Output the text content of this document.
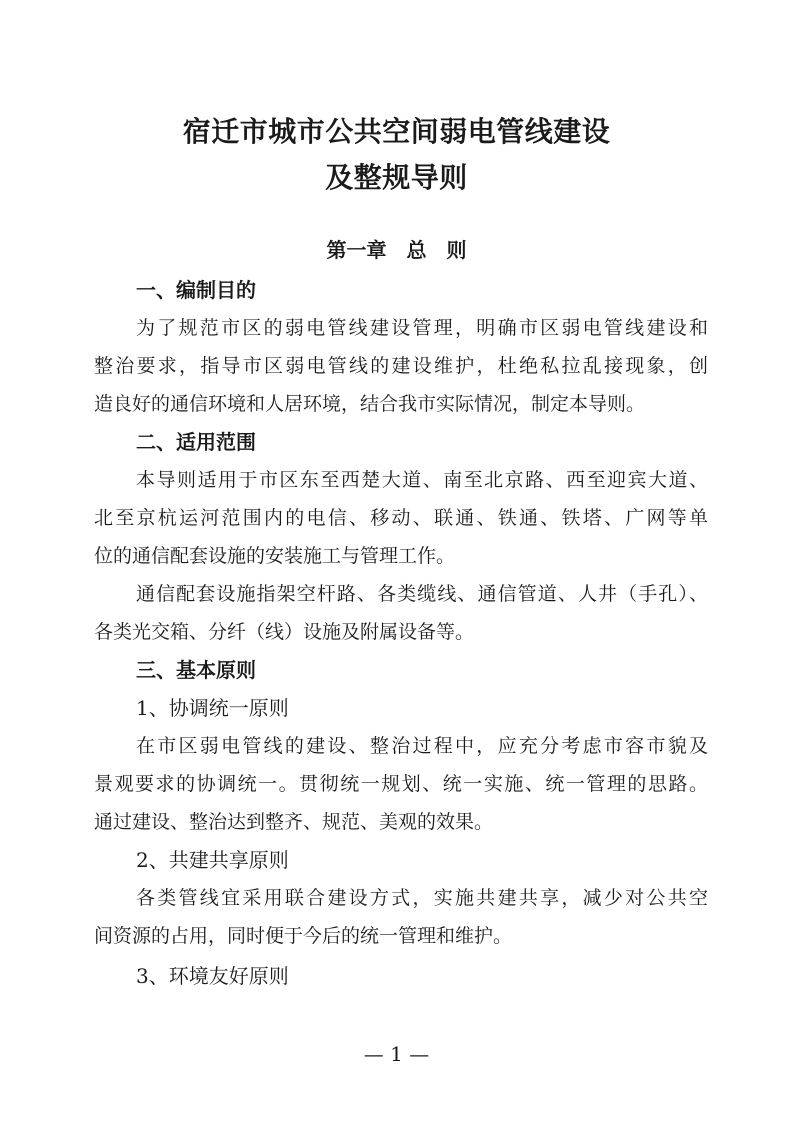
宿迁市城市公共空间弱电管线建设
及整规导则
第一章　总　则
一、编制目的
为了规范市区的弱电管线建设管理，明确市区弱电管线建设和
整治要求，指导市区弱电管线的建设维护，杜绝私拉乱接现象，创
造良好的通信环境和人居环境，结合我市实际情况，制定本导则。
二、适用范围
本导则适用于市区东至西楚大道、南至北京路、西至迎宾大道、
北至京杭运河范围内的电信、移动、联通、铁通、铁塔、广网等单
位的通信配套设施的安装施工与管理工作。
通信配套设施指架空杆路、各类缆线、通信管道、人井（手孔）、
各类光交箱、分纤（线）设施及附属设备等。
三、基本原则
1、协调统一原则
在市区弱电管线的建设、整治过程中，应充分考虑市容市貌及
景观要求的协调统一。贯彻统一规划、统一实施、统一管理的思路。
通过建设、整治达到整齐、规范、美观的效果。
2、共建共享原则
各类管线宜采用联合建设方式，实施共建共享，减少对公共空
间资源的占用，同时便于今后的统一管理和维护。
3、环境友好原则
— 1 —
